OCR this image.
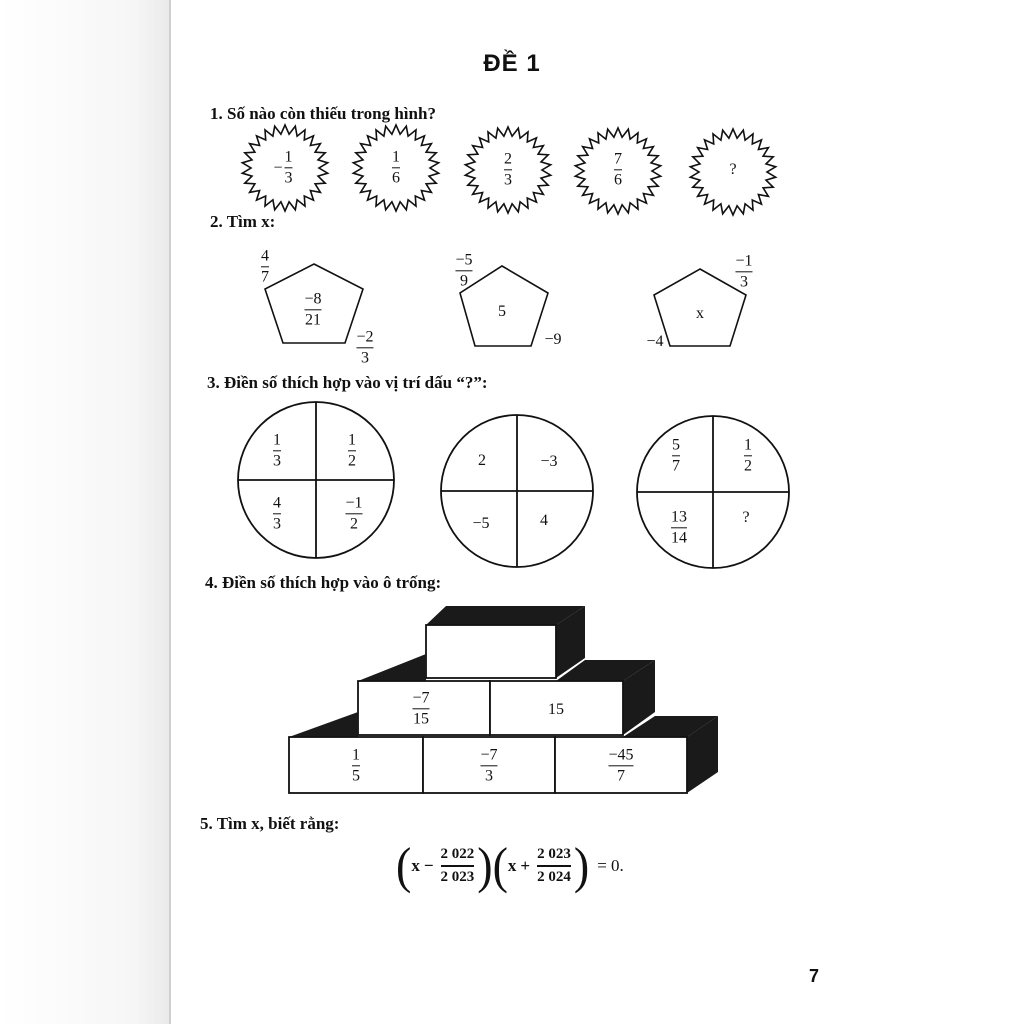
ĐỀ 1
1. Số nào còn thiếu trong hình?
−
1
3
1
6
2
3
7
6
?
2. Tìm x:
−8
21
4
7
−2
3
5
−5
9
−9
x
−1
3
−4
3. Điền số thích hợp vào vị trí dấu “?”:
1
3
1
2
4
3
−1
2
2	−3
−5	4
5
7
1
2
13
14
?
4. Điền số thích hợp vào ô trống:
−7
15
15
1
5
−7
3
−45
7
5. Tìm x, biết rằng:
( x −
2 022
2 023 ) ( x +
2 023
2 024 ) = 0.
7
